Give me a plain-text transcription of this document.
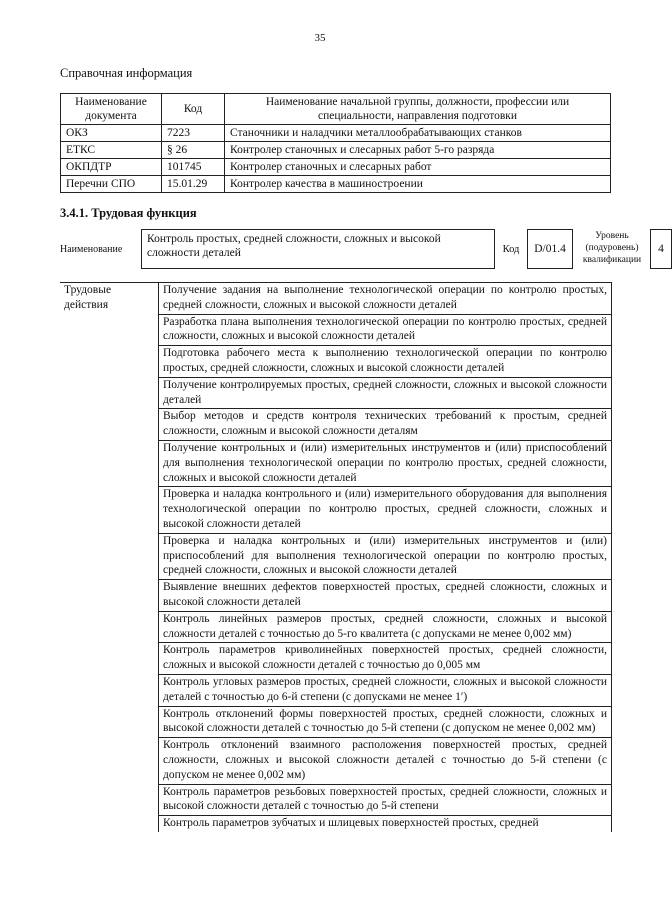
35
Справочная информация
Наименование документа	Код	Наименование начальной группы, должности, профессии или специальности, направления подготовки
ОКЗ	7223	Станочники и наладчики металлообрабатывающих станков
ЕТКС	§ 26	Контролер станочных и слесарных работ 5-го разряда
ОКПДТР	101745	Контролер станочных и слесарных работ
Перечни СПО	15.01.29	Контролер качества в машиностроении
3.4.1. Трудовая функция
Наименование
Контроль простых, средней сложности, сложных и высокой сложности деталей	Код	D/01.4
Уровень (подуровень) квалификации
4
Трудовые действия	Получение задания на выполнение технологической операции по контролю простых, средней сложности, сложных и высокой сложности деталей
Разработка плана выполнения технологической операции по контролю простых, средней сложности, сложных и высокой сложности деталей
Подготовка рабочего места к выполнению технологической операции по контролю простых, средней сложности, сложных и высокой сложности деталей
Получение контролируемых простых, средней сложности, сложных и высокой сложности деталей
Выбор методов и средств контроля технических требований к простым, средней сложности, сложным и высокой сложности деталям
Получение контрольных и (или) измерительных инструментов и (или) приспособлений для выполнения технологической операции по контролю простых, средней сложности, сложных и высокой сложности деталей
Проверка и наладка контрольного и (или) измерительного оборудования для выполнения технологической операции по контролю простых, средней сложности, сложных и высокой сложности деталей
Проверка и наладка контрольных и (или) измерительных инструментов и (или) приспособлений для выполнения технологической операции по контролю простых, средней сложности, сложных и высокой сложности деталей
Выявление внешних дефектов поверхностей простых, средней сложности, сложных и высокой сложности деталей
Контроль линейных размеров простых, средней сложности, сложных и высокой сложности деталей с точностью до 5-го квалитета (с допусками не менее 0,002 мм)
Контроль параметров криволинейных поверхностей простых, средней сложности, сложных и высокой сложности деталей с точностью до 0,005 мм
Контроль угловых размеров простых, средней сложности, сложных и высокой сложности деталей с точностью до 6-й степени (с допусками не менее 1′)
Контроль отклонений формы поверхностей простых, средней сложности, сложных и высокой сложности деталей с точностью до 5-й степени (с допуском не менее 0,002 мм)
Контроль отклонений взаимного расположения поверхностей простых, средней сложности, сложных и высокой сложности деталей с точностью до 5-й степени (с допуском не менее 0,002 мм)
Контроль параметров резьбовых поверхностей простых, средней сложности, сложных и высокой сложности деталей с точностью до 5-й степени
Контроль параметров зубчатых и шлицевых поверхностей простых, средней
